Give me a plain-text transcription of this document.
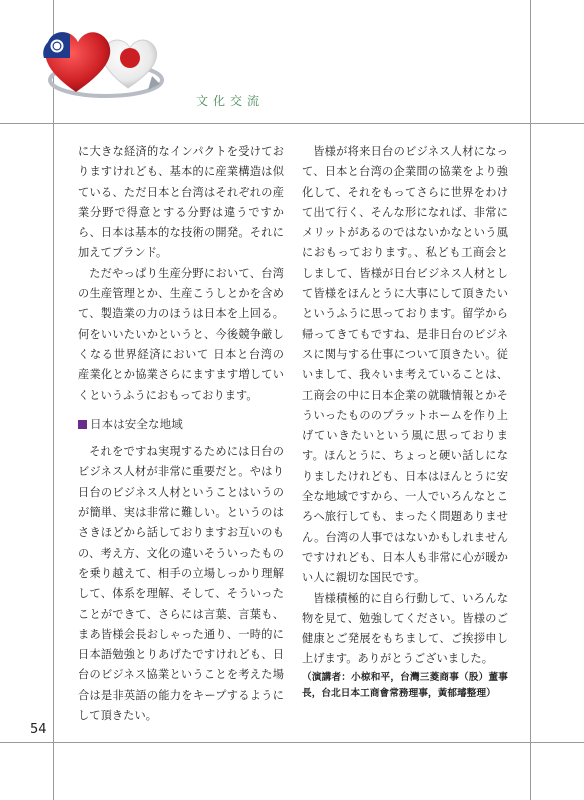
文化交流

に大きな経済的なインパクトを受けておりますけれども、基本的に産業構造は似ている、ただ日本と台湾はそれぞれの産業分野で得意とする分野は違うですから、日本は基本的な技術の開発。それに加えてブランド。

ただやっぱり生産分野において、台湾の生産管理とか、生産こうしとかを含めて、製造業の力のほうは日本を上回る。何をいいたいかというと、今後競争厳しくなる世界経済において 日本と台湾の産業化とか協業さらにますます増していくというふうにおもっております。

日本は安全な地域

それをですね実現するためには日台のビジネス人材が非常に重要だと。やはり日台のビジネス人材ということはいうのが簡単、実は非常に難しい。というのはさきほどから話しておりますお互いのもの、考え方、文化の違いそういったものを乗り越えて、相手の立場しっかり理解して、体系を理解、そして、そういったことができて、さらには言葉、言葉も、まあ皆様会長おしゃった通り、一時的に日本語勉強とりあげたですけれども、日台のビジネス協業ということを考えた場合は是非英語の能力をキープするようにして頂きたい。

皆様が将来日台のビジネス人材になって、日本と台湾の企業間の協業をより強化して、それをもってさらに世界をわけて出て行く、そんな形になれば、非常にメリットがあるのではないかなという風におもっております。、私ども工商会としまして、皆様が日台ビジネス人材として皆様をほんとうに大事にして頂きたいというふうに思っております。留学から帰ってきてもですね、是非日台のビジネスに関与する仕事について頂きたい。従いまして、我々いま考えていることは、工商会の中に日本企業の就職情報とかそういったもののプラットホームを作り上げていきたいという風に思っております。ほんとうに、ちょっと硬い話しになりましたけれども、日本はほんとうに安全な地域ですから、一人でいろんなところへ旅行しても、まったく問題ありません。台湾の人事ではないかもしれませんですけれども、日本人も非常に心が暖かい人に親切な国民です。

皆様積極的に自ら行動して、いろんな物を見て、勉強してください。皆様のご健康とご発展をもちまして、ご挨拶申し上げます。ありがとうございました。

（演講者：小椋和平，台灣三菱商事（股）董事長，台北日本工商會常務理事，黃郁璿整理）

54
